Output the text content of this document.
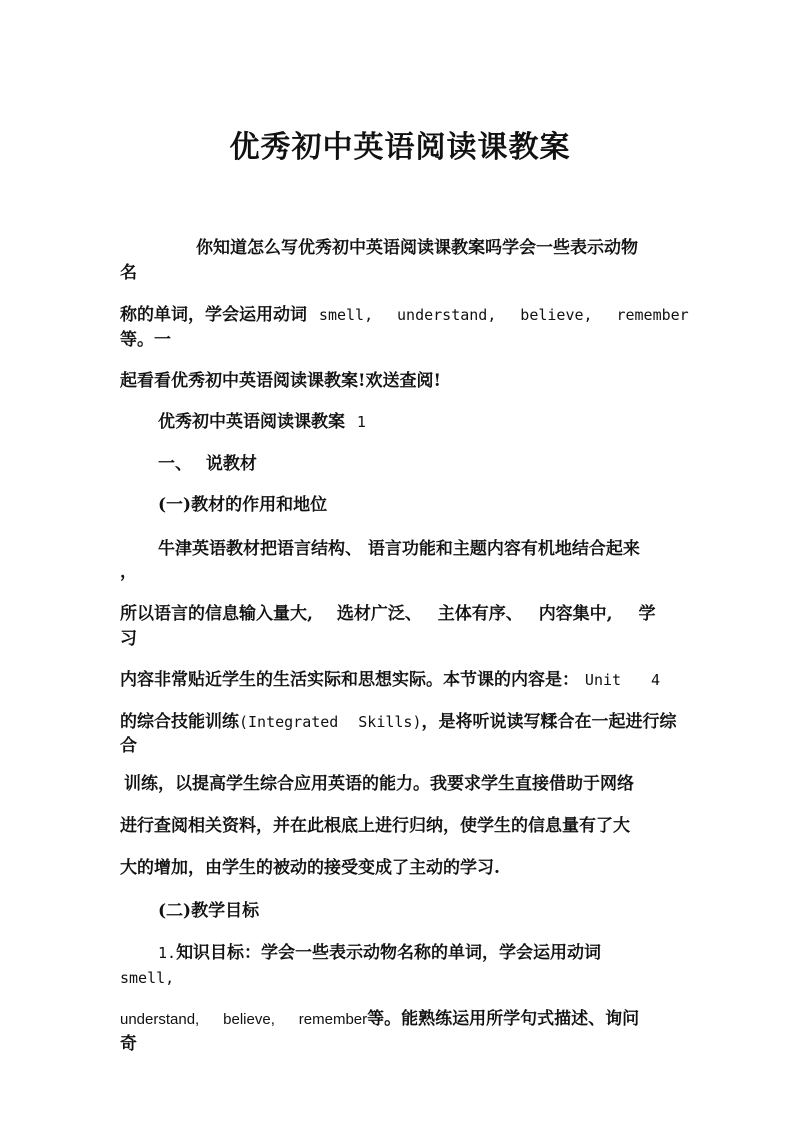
优秀初中英语阅读课教案
你知道怎么写优秀初中英语阅读课教案吗学会一些表示动物
名
称的单词，学会运用动词 smell, understand, believe, remember
等。一
起看看优秀初中英语阅读课教案!欢送查阅!
优秀初中英语阅读课教案 1
一、 说教材
(一)教材的作用和地位
牛津英语教材把语言结构、 语言功能和主题内容有机地结合起来
，
所以语言的信息输入量大, 选材广泛、 主体有序、 内容集中, 学
习
内容非常贴近学生的生活实际和思想实际。本节课的内容是： Unit 4
的综合技能训练(Integrated Skills)，是将听说读写糅合在一起进行综
合
训练，以提高学生综合应用英语的能力。我要求学生直接借助于网络
进行查阅相关资料，并在此根底上进行归纳，使学生的信息量有了大
大的增加，由学生的被动的接受变成了主动的学习.
(二)教学目标
1.知识目标：学会一些表示动物名称的单词，学会运用动词
smell,
understand, believe, remember等。能熟练运用所学句式描述、询问
奇
